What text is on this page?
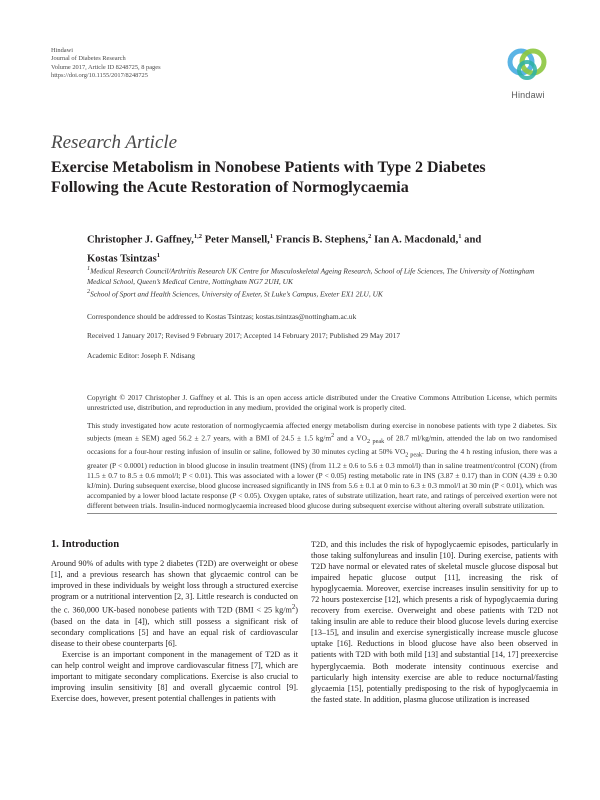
Hindawi
Journal of Diabetes Research
Volume 2017, Article ID 8248725, 8 pages
https://doi.org/10.1155/2017/8248725
Hindawi
Research Article
Exercise Metabolism in Nonobese Patients with Type 2 Diabetes
Following the Acute Restoration of Normoglycaemia
Christopher J. Gaffney,$^{1,2}$ Peter Mansell,$^1$ Francis B. Stephens,$^2$ Ian A. Macdonald,$^1$ and
Kostas Tsintzas$^1$
$^1$Medical Research Council/Arthritis Research UK Centre for Musculoskeletal Ageing Research, School of Life Sciences, The University of Nottingham Medical School, Queen’s Medical Centre, Nottingham NG7 2UH, UK
$^2$School of Sport and Health Sciences, University of Exeter, St Luke’s Campus, Exeter EX1 2LU, UK
Correspondence should be addressed to Kostas Tsintzas; kostas.tsintzas@nottingham.ac.uk
Received 1 January 2017; Revised 9 February 2017; Accepted 14 February 2017; Published 29 May 2017
Academic Editor: Joseph F. Ndisang
Copyright © 2017 Christopher J. Gaffney et al. This is an open access article distributed under the Creative Commons Attribution License, which permits unrestricted use, distribution, and reproduction in any medium, provided the original work is properly cited.
This study investigated how acute restoration of normoglycaemia affected energy metabolism during exercise in nonobese patients with type 2 diabetes. Six subjects (mean ± SEM) aged 56.2 ± 2.7 years, with a BMI of 24.5 ± 1.5 $kg/m^2$ and a $VO_{2 peak}$ of 28.7 ml/kg/min, attended the lab on two randomised occasions for a four-hour resting infusion of insulin or saline, followed by 30 minutes cycling at 50% $VO_{2 peak}$. During the 4 h resting infusion, there was a greater (P < 0.0001) reduction in blood glucose in insulin treatment (INS) (from 11.2 ± 0.6 to 5.6 ± 0.3 mmol/l) than in saline treatment/control (CON) (from 11.5 ± 0.7 to 8.5 ± 0.6 mmol/l; P < 0.01). This was associated with a lower (P < 0.05) resting metabolic rate in INS (3.87 ± 0.17) than in CON (4.39 ± 0.30 kJ/min). During subsequent exercise, blood glucose increased significantly in INS from 5.6 ± 0.1 at 0 min to 6.3 ± 0.3 mmol/l at 30 min (P < 0.01), which was accompanied by a lower blood lactate response (P < 0.05). Oxygen uptake, rates of substrate utilization, heart rate, and ratings of perceived exertion were not different between trials. Insulin-induced normoglycaemia increased blood glucose during subsequent exercise without altering overall substrate utilization.
1. Introduction

Around 90% of adults with type 2 diabetes (T2D) are overweight or obese [1], and a previous research has shown that glycaemic control can be improved in these individuals by weight loss through a structured exercise program or a nutritional intervention [2, 3]. Little research is conducted on the c. 360,000 UK-based nonobese patients with T2D (BMI < 25 $kg/m^2$) (based on the data in [4]), which still possess a significant risk of secondary complications [5] and have an equal risk of cardiovascular disease to their obese counterparts [6].

Exercise is an important component in the management of T2D as it can help control weight and improve cardiovascular fitness [7], which are important to mitigate secondary complications. Exercise is also crucial to improving insulin sensitivity [8] and overall glycaemic control [9]. Exercise does, however, present potential challenges in patients with

T2D, and this includes the risk of hypoglycaemic episodes, particularly in those taking sulfonylureas and insulin [10]. During exercise, patients with T2D have normal or elevated rates of skeletal muscle glucose disposal but impaired hepatic glucose output [11], increasing the risk of hypoglycaemia. Moreover, exercise increases insulin sensitivity for up to 72 hours postexercise [12], which presents a risk of hypoglycaemia during recovery from exercise. Overweight and obese patients with T2D not taking insulin are able to reduce their blood glucose levels during exercise [13–15], and insulin and exercise synergistically increase muscle glucose uptake [16]. Reductions in blood glucose have also been observed in patients with T2D with both mild [13] and substantial [14, 17] preexercise hyperglycaemia. Both moderate intensity continuous exercise and particularly high intensity exercise are able to reduce nocturnal/fasting glycaemia [15], potentially predisposing to the risk of hypoglycaemia in the fasted state. In addition, plasma glucose utilization is increased
